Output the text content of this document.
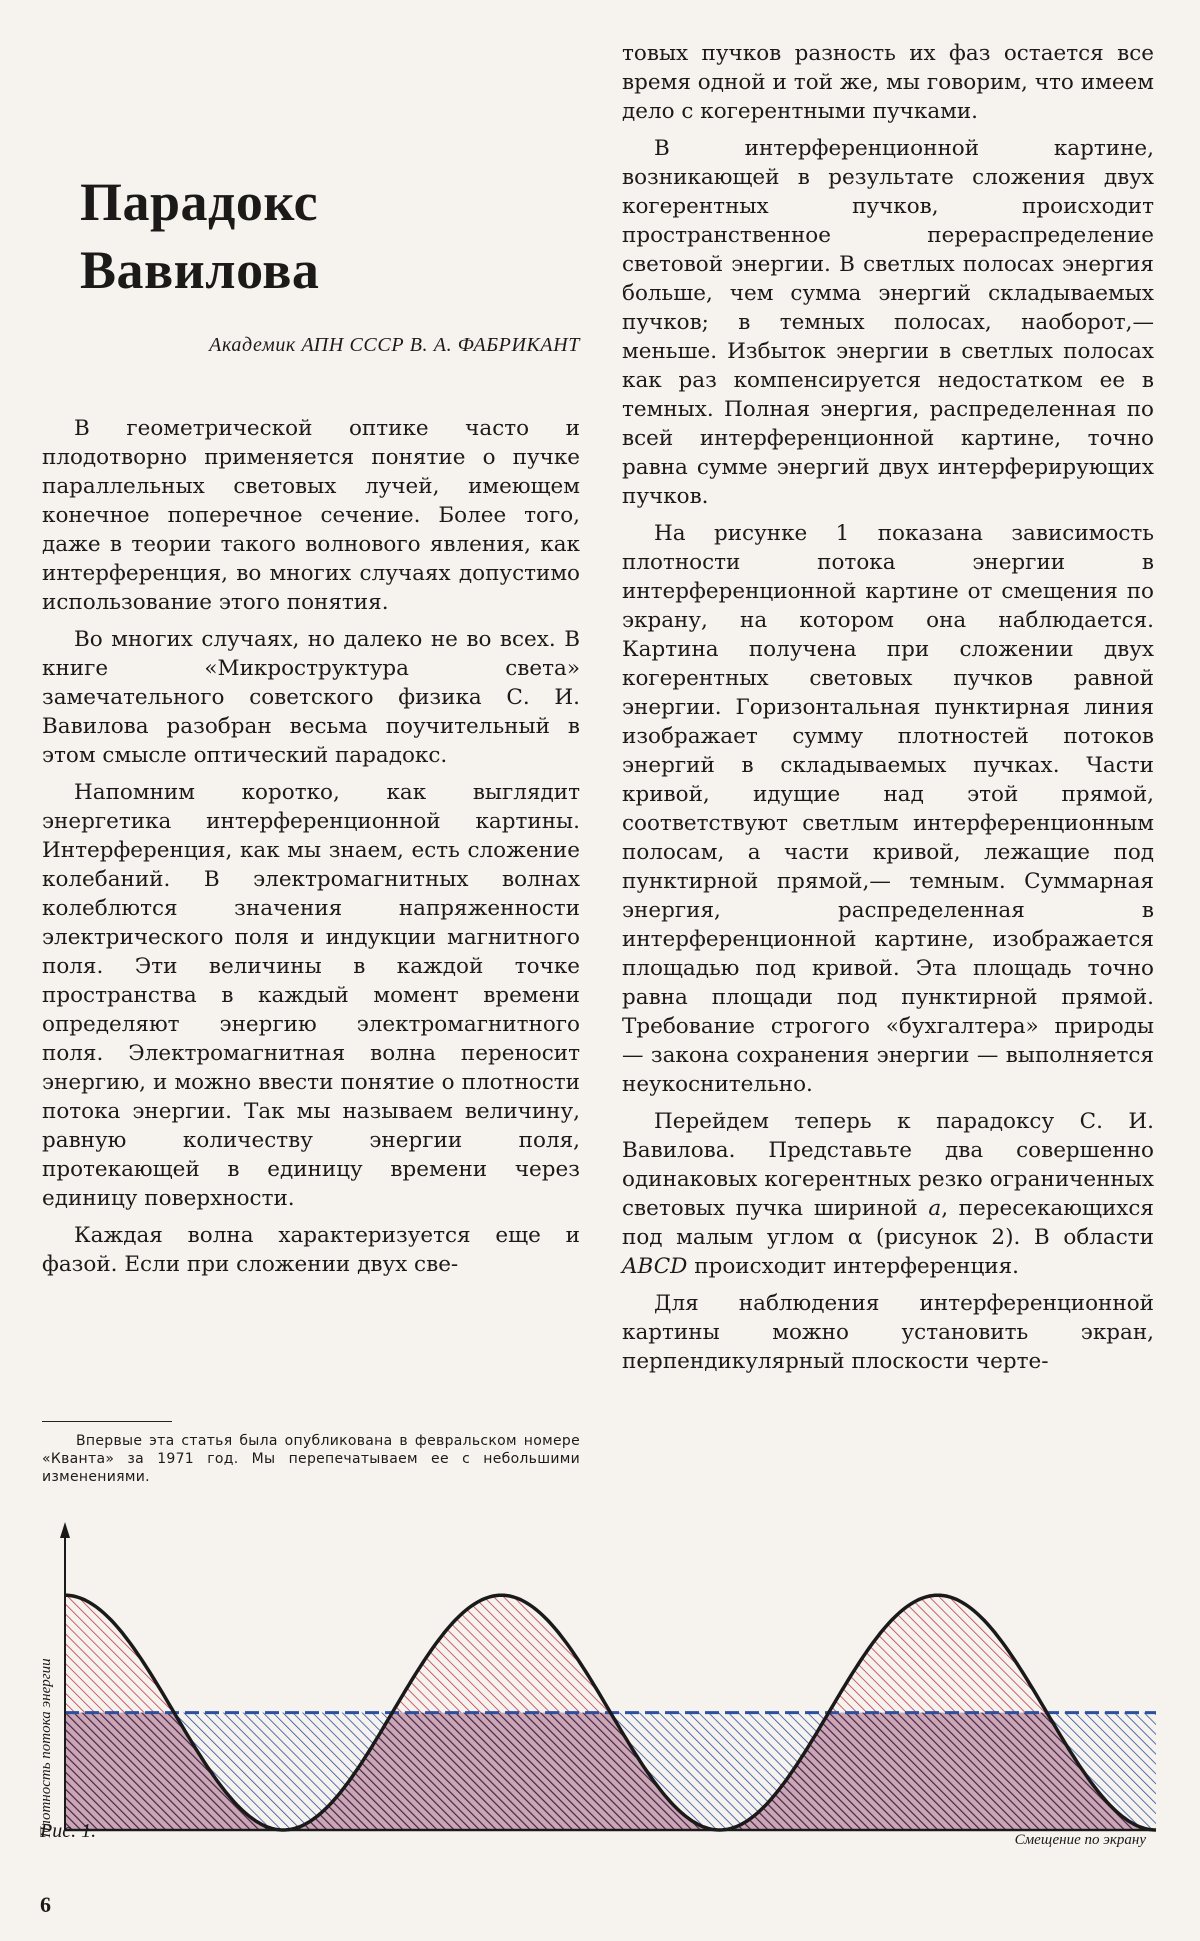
Парадокс
Вавилова
Академик АПН СССР В. А. ФАБРИКАНТ

В геометрической оптике часто и плодотворно применяется понятие о пучке параллельных световых лучей, имеющем конечное поперечное сечение. Более того, даже в теории такого волнового явления, как интерференция, во многих случаях допустимо использование этого понятия.

Во многих случаях, но далеко не во всех. В книге «Микроструктура света» замечательного советского физика С. И. Вавилова разобран весьма поучительный в этом смысле оптический парадокс.

Напомним коротко, как выглядит энергетика интерференционной картины. Интерференция, как мы знаем, есть сложение колебаний. В электромагнитных волнах колеблются значения напряженности электрического поля и индукции магнитного поля. Эти величины в каждой точке пространства в каждый момент времени определяют энергию электромагнитного поля. Электромагнитная волна переносит энергию, и можно ввести понятие о плотности потока энергии. Так мы называем величину, равную количеству энергии поля, протекающей в единицу времени через единицу поверхности.

Каждая волна характеризуется еще и фазой. Если при сложении двух све-

Впервые эта статья была опубликована в февральском номере «Кванта» за 1971 год. Мы перепечатываем ее с небольшими изменениями.

товых пучков разность их фаз остается все время одной и той же, мы говорим, что имеем дело с когерентными пучками.

В интерференционной картине, возникающей в результате сложения двух когерентных пучков, происходит пространственное перераспределение световой энергии. В светлых полосах энергия больше, чем сумма энергий складываемых пучков; в темных полосах, наоборот,— меньше. Избыток энергии в светлых полосах как раз компенсируется недостатком ее в темных. Полная энергия, распределенная по всей интерференционной картине, точно равна сумме энергий двух интерферирующих пучков.

На рисунке 1 показана зависимость плотности потока энергии в интерференционной картине от смещения по экрану, на котором она наблюдается. Картина получена при сложении двух когерентных световых пучков равной энергии. Горизонтальная пунктирная линия изображает сумму плотностей потоков энергий в складываемых пучках. Части кривой, идущие над этой прямой, соответствуют светлым интерференционным полосам, а части кривой, лежащие под пунктирной прямой,— темным. Суммарная энергия, распределенная в интерференционной картине, изображается площадью под кривой. Эта площадь точно равна площади под пунктирной прямой. Требование строгого «бухгалтера» природы — закона сохранения энергии — выполняется неукоснительно.

Перейдем теперь к парадоксу С. И. Вавилова. Представьте два совершенно одинаковых когерентных резко ограниченных световых пучка шириной a, пересекающихся под малым углом α (рисунок 2). В области ABCD происходит интерференция.

Для наблюдения интерференционной картины можно установить экран, перпендикулярный плоскости черте-

Плотность потока энергии
Смещение по экрану
Рис. 1.
6
